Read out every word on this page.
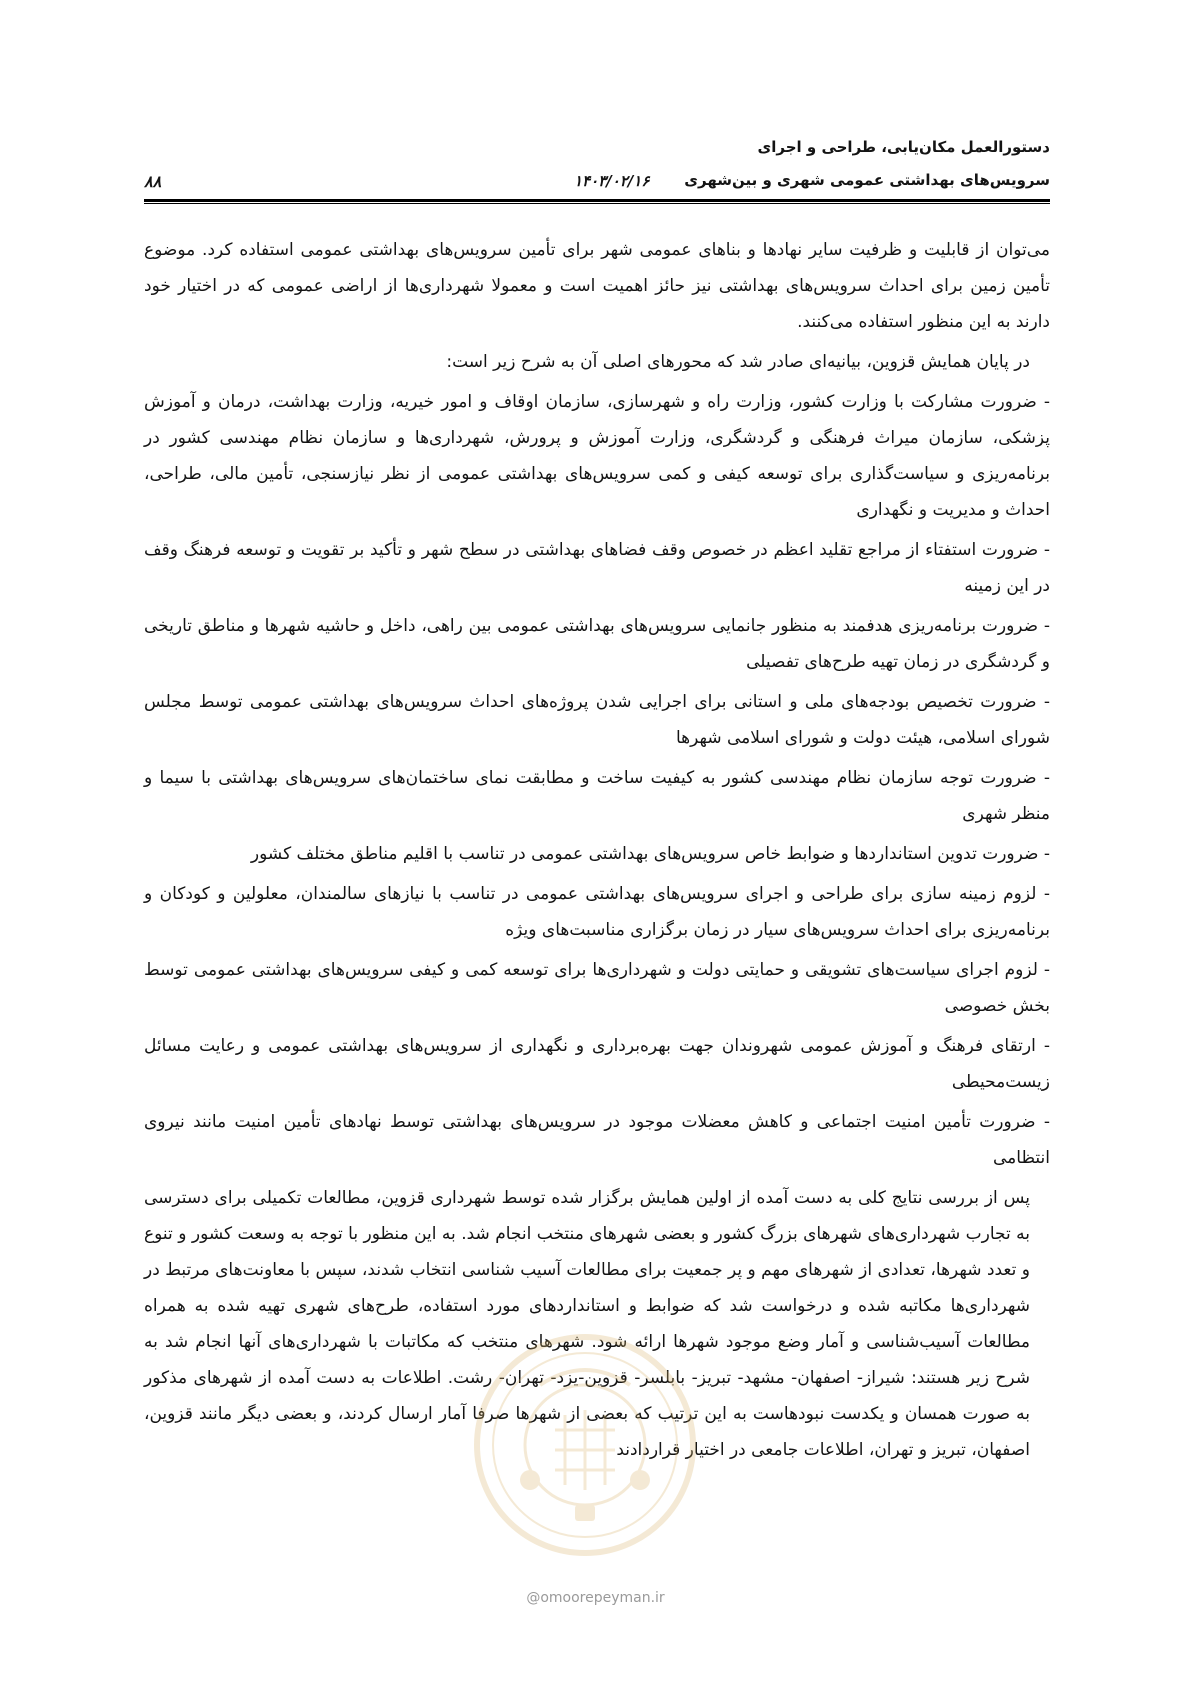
دستورالعمل مکان‌یابی، طراحی و اجرای
سرویس‌های بهداشتی عمومی شهری و بین‌شهری
۱۴۰۳/۰۲/۱۶
۸۸

می‌توان از قابلیت و ظرفیت سایر نهادها و بناهای عمومی شهر برای تأمین سرویس‌های بهداشتی عمومی استفاده کرد. موضوع تأمین زمین برای احداث سرویس‌های بهداشتی نیز حائز اهمیت است و معمولا شهرداری‌ها از اراضی عمومی که در اختیار خود دارند به این منظور استفاده می‌کنند.

در پایان همایش قزوین، بیانیه‌ای صادر شد که محورهای اصلی آن به شرح زیر است:

- ضرورت مشارکت با وزارت کشور، وزارت راه و شهرسازی، سازمان اوقاف و امور خیریه، وزارت بهداشت، درمان و آموزش پزشکی، سازمان میراث فرهنگی و گردشگری، وزارت آموزش و پرورش، شهرداری‌ها و سازمان نظام مهندسی کشور در برنامه‌ریزی و سیاست‌گذاری برای توسعه کیفی و کمی سرویس‌های بهداشتی عمومی از نظر نیازسنجی، تأمین مالی، طراحی، احداث و مدیریت و نگهداری

- ضرورت استفتاء از مراجع تقلید اعظم در خصوص وقف فضاهای بهداشتی در سطح شهر و تأکید بر تقویت و توسعه فرهنگ وقف در این زمینه

- ضرورت برنامه‌ریزی هدفمند به منظور جانمایی سرویس‌های بهداشتی عمومی بین راهی، داخل و حاشیه شهرها و مناطق تاریخی و گردشگری در زمان تهیه طرح‌های تفصیلی

- ضرورت تخصیص بودجه‌های ملی و استانی برای اجرایی شدن پروژه‌های احداث سرویس‌های بهداشتی عمومی توسط مجلس شورای اسلامی، هیئت دولت و شورای اسلامی شهرها

- ضرورت توجه سازمان نظام مهندسی کشور به کیفیت ساخت و مطابقت نمای ساختمان‌های سرویس‌های بهداشتی با سیما و منظر شهری

- ضرورت تدوین استانداردها و ضوابط خاص سرویس‌های بهداشتی عمومی در تناسب با اقلیم مناطق مختلف کشور

- لزوم زمینه سازی برای طراحی و اجرای سرویس‌های بهداشتی عمومی در تناسب با نیازهای سالمندان، معلولین و کودکان و برنامه‌ریزی برای احداث سرویس‌های سیار در زمان برگزاری مناسبت‌های ویژه

- لزوم اجرای سیاست‌های تشویقی و حمایتی دولت و شهرداری‌ها برای توسعه کمی و کیفی سرویس‌های بهداشتی عمومی توسط بخش خصوصی

- ارتقای فرهنگ و آموزش عمومی شهروندان جهت بهره‌برداری و نگهداری از سرویس‌های بهداشتی عمومی و رعایت مسائل زیست‌محیطی

- ضرورت تأمین امنیت اجتماعی و کاهش معضلات موجود در سرویس‌های بهداشتی توسط نهادهای تأمین امنیت مانند نیروی انتظامی

پس از بررسی نتایج کلی به دست آمده از اولین همایش برگزار شده توسط شهرداری قزوین، مطالعات تکمیلی برای دسترسی به تجارب شهرداری‌های شهرهای بزرگ کشور و بعضی شهرهای منتخب انجام شد. به این منظور با توجه به وسعت کشور و تنوع و تعدد شهرها، تعدادی از شهرهای مهم و پر جمعیت برای مطالعات آسیب شناسی انتخاب شدند، سپس با معاونت‌های مرتبط در شهرداری‌ها مکاتبه شده و درخواست شد که ضوابط و استانداردهای مورد استفاده، طرح‌های شهری تهیه شده به همراه مطالعات آسیب‌شناسی و آمار وضع موجود شهرها ارائه شود. شهرهای منتخب که مکاتبات با شهرداری‌های آنها انجام شد به شرح زیر هستند: شیراز- اصفهان- مشهد- تبریز- بابلسر- قزوین-یزد- تهران- رشت. اطلاعات به دست آمده از شهرهای مذکور به صورت همسان و یکدست نبودهاست به این ترتیب که بعضی از شهرها صرفا آمار ارسال کردند، و بعضی دیگر مانند قزوین، اصفهان، تبریز و تهران، اطلاعات جامعی در اختیار قراردادند

@omoorepeyman.ir
